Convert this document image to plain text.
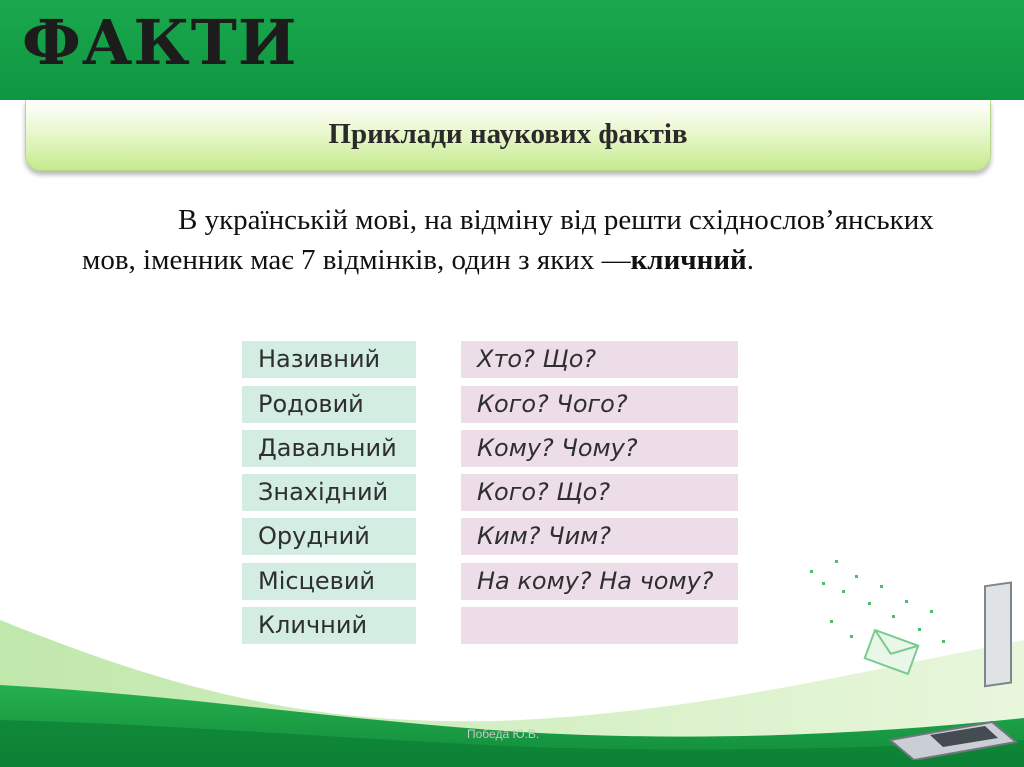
ФАКТИ
Приклади наукових фактів
В українській мові, на відміну від решти східнослов’янських мов, іменник має 7 відмінків, один з яких —кличний.
Називний	Хто? Що?
Родовий	Кого? Чого?
Давальний	Кому? Чому?
Знахідний	Кого? Що?
Орудний	Ким? Чим?
Місцевий	На кому? На чому?
Кличний
Победа Ю.В.
